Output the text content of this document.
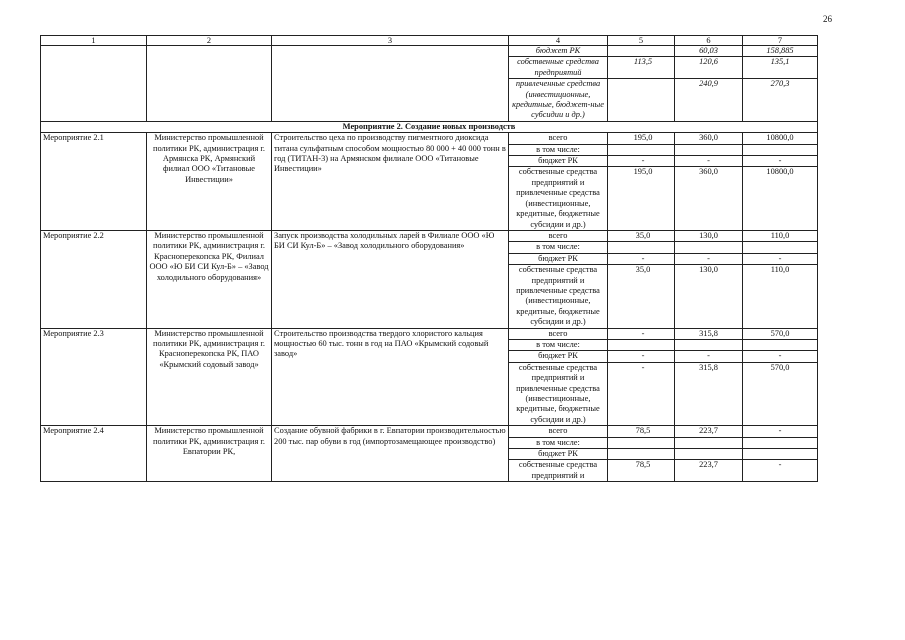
26
1	2	3	4	5	6	7
			бюджет РК		60,03	158,885
			собственные средства предприятий	113,5	120,6	135,1
			привлеченные средства (инвестиционные, кредитные, бюджет-ные субсидии и др.)		240,9	270,3
Мероприятие 2. Создание новых производств						
Мероприятие 2.1	Министерство промышленной политики РК, администрация г. Армянска РК, Армянский филиал ООО «Титановые Инвестиции»	Строительство цеха по производству пигментного диоксида титана сульфатным способом мощностью 80 000 + 40 000 тонн в год (ТИТАН-3) на Армянском филиале ООО «Титановые Инвестиции»	всего	195,0	360,0	10800,0
			в том числе:			
			бюджет РК	-	-	-
			собственные средства предприятий и привлеченные средства (инвестиционные, кредитные, бюджетные субсидии и др.)	195,0	360,0	10800,0
Мероприятие 2.2	Министерство промышленной политики РК, администрация г. Красноперекопска РК, Филиал ООО «Ю БИ СИ Кул-Б» – «Завод холодильного оборудования»	Запуск производства холодильных ларей в Филиале ООО «Ю БИ СИ Кул-Б» – «Завод холодильного оборудования»	всего	35,0	130,0	110,0
			в том числе:			
			бюджет РК	-	-	-
			собственные средства предприятий и привлеченные средства (инвестиционные, кредитные, бюджетные субсидии и др.)	35,0	130,0	110,0
Мероприятие 2.3	Министерство промышленной политики РК, администрация г. Красноперекопска РК, ПАО «Крымский содовый завод»	Строительство производства твердого хлористого кальция мощностью 60 тыс. тонн в год на ПАО «Крымский содовый завод»	всего	-	315,8	570,0
			в том числе:			
			бюджет РК	-	-	-
			собственные средства предприятий и привлеченные средства (инвестиционные, кредитные, бюджетные субсидии и др.)	-	315,8	570,0
Мероприятие 2.4	Министерство промышленной политики РК, администрация г. Евпатории РК,	Создание обувной фабрики в г. Евпатории производительностью 200 тыс. пар обуви в год (импортозамещающее производство)	всего	78,5	223,7	-
			в том числе:			
			бюджет РК			
			собственные средства предприятий и	78,5	223,7	-
